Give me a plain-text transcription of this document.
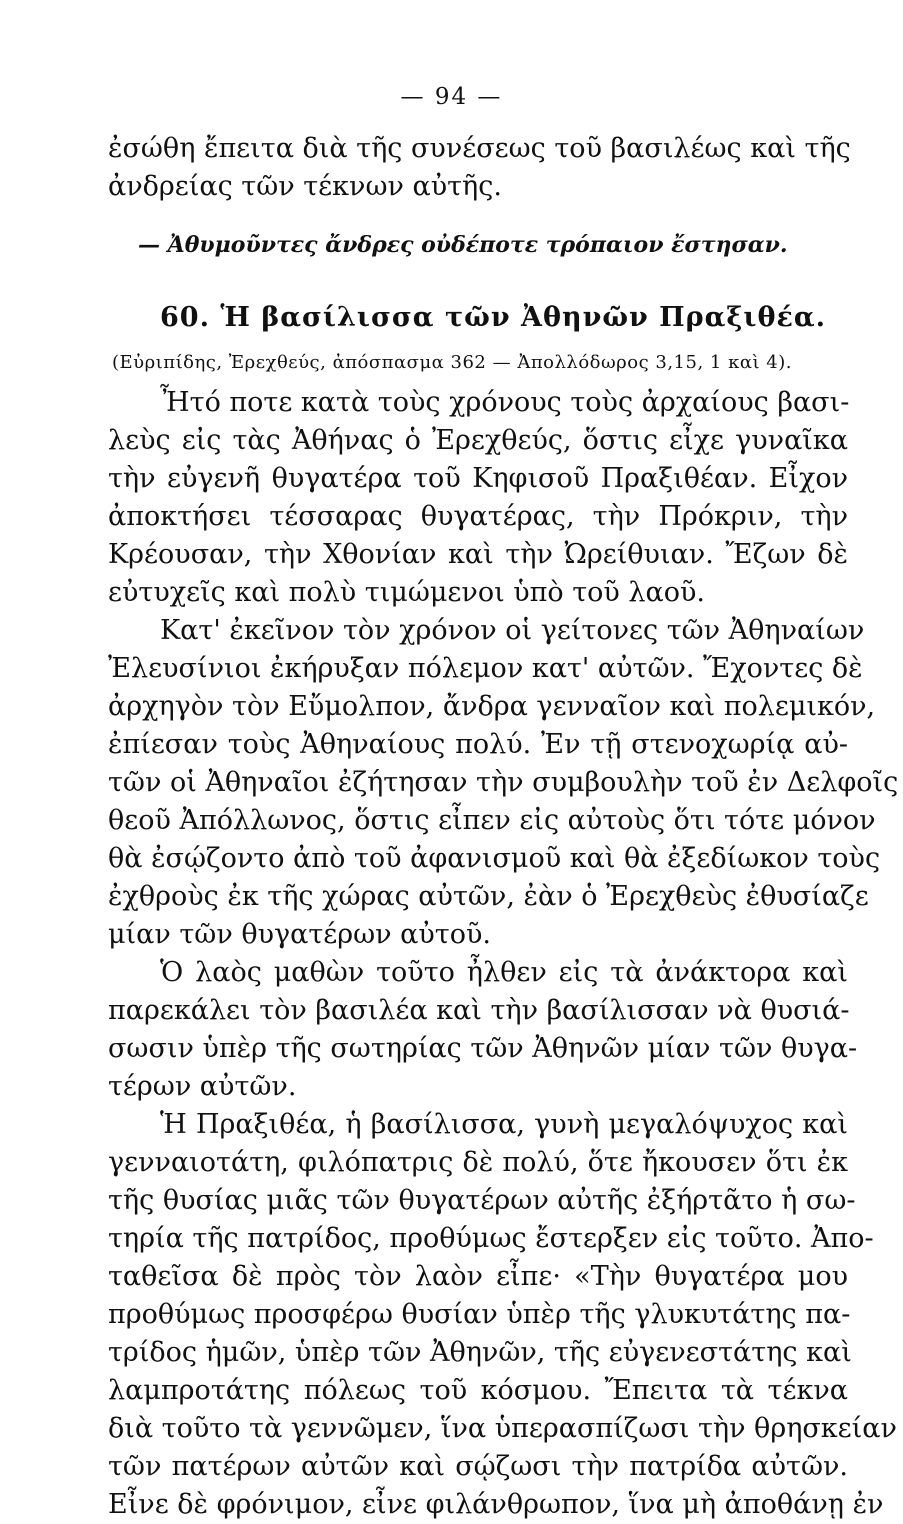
— 94 —
ἐσώθη ἔπειτα διὰ τῆς συνέσεως τοῦ βασιλέως καὶ τῆς
ἀνδρείας τῶν τέκνων αὐτῆς.
— Ἀθυμοῦντες ἄνδρες οὐδέποτε τρόπαιον ἔστησαν.
60. Ἡ βασίλισσα τῶν Ἀθηνῶν Πραξιθέα.
(Εὐριπίδης, Ἐρεχθεύς, ἀπόσπασμα 362 — Ἀπολλόδωρος 3,15, 1 καὶ 4).
Ἦτό ποτε κατὰ τοὺς χρόνους τοὺς ἀρχαίους βασι-
λεὺς εἰς τὰς Ἀθήνας ὁ Ἐρεχθεύς, ὅστις εἶχε γυναῖκα
τὴν εὐγενῆ θυγατέρα τοῦ Κηφισοῦ Πραξιθέαν. Εἶχον
ἀποκτήσει τέσσαρας θυγατέρας, τὴν Πρόκριν, τὴν
Κρέουσαν, τὴν Χθονίαν καὶ τὴν Ὠρείθυιαν. Ἔζων δὲ
εὐτυχεῖς καὶ πολὺ τιμώμενοι ὑπὸ τοῦ λαοῦ.
Κατ' ἐκεῖνον τὸν χρόνον οἱ γείτονες τῶν Ἀθηναίων
Ἐλευσίνιοι ἐκήρυξαν πόλεμον κατ' αὐτῶν. Ἔχοντες δὲ
ἀρχηγὸν τὸν Εὔμολπον, ἄνδρα γενναῖον καὶ πολεμικόν,
ἐπίεσαν τοὺς Ἀθηναίους πολύ. Ἐν τῇ στενοχωρίᾳ αὐ-
τῶν οἱ Ἀθηναῖοι ἐζήτησαν τὴν συμβουλὴν τοῦ ἐν Δελφοῖς
θεοῦ Ἀπόλλωνος, ὅστις εἶπεν εἰς αὐτοὺς ὅτι τότε μόνον
θὰ ἐσῴζοντο ἀπὸ τοῦ ἀφανισμοῦ καὶ θὰ ἐξεδίωκον τοὺς
ἐχθροὺς ἐκ τῆς χώρας αὐτῶν, ἐὰν ὁ Ἐρεχθεὺς ἐθυσίαζε
μίαν τῶν θυγατέρων αὐτοῦ.
Ὁ λαὸς μαθὼν τοῦτο ἦλθεν εἰς τὰ ἀνάκτορα καὶ
παρεκάλει τὸν βασιλέα καὶ τὴν βασίλισσαν νὰ θυσιά-
σωσιν ὑπὲρ τῆς σωτηρίας τῶν Ἀθηνῶν μίαν τῶν θυγα-
τέρων αὐτῶν.
Ἡ Πραξιθέα, ἡ βασίλισσα, γυνὴ μεγαλόψυχος καὶ
γενναιοτάτη, φιλόπατρις δὲ πολύ, ὅτε ἤκουσεν ὅτι ἐκ
τῆς θυσίας μιᾶς τῶν θυγατέρων αὐτῆς ἐξήρτᾶτο ἡ σω-
τηρία τῆς πατρίδος, προθύμως ἔστερξεν εἰς τοῦτο. Ἀπο-
ταθεῖσα δὲ πρὸς τὸν λαὸν εἶπε· «Τὴν θυγατέρα μου
προθύμως προσφέρω θυσίαν ὑπὲρ τῆς γλυκυτάτης πα-
τρίδος ἡμῶν, ὑπὲρ τῶν Ἀθηνῶν, τῆς εὐγενεστάτης καὶ
λαμπροτάτης πόλεως τοῦ κόσμου. Ἔπειτα τὰ τέκνα
διὰ τοῦτο τὰ γεννῶμεν, ἵνα ὑπερασπίζωσι τὴν θρησκείαν
τῶν πατέρων αὐτῶν καὶ σῴζωσι τὴν πατρίδα αὐτῶν.
Εἶνε δὲ φρόνιμον, εἶνε φιλάνθρωπον, ἵνα μὴ ἀποθάνῃ ἐν
